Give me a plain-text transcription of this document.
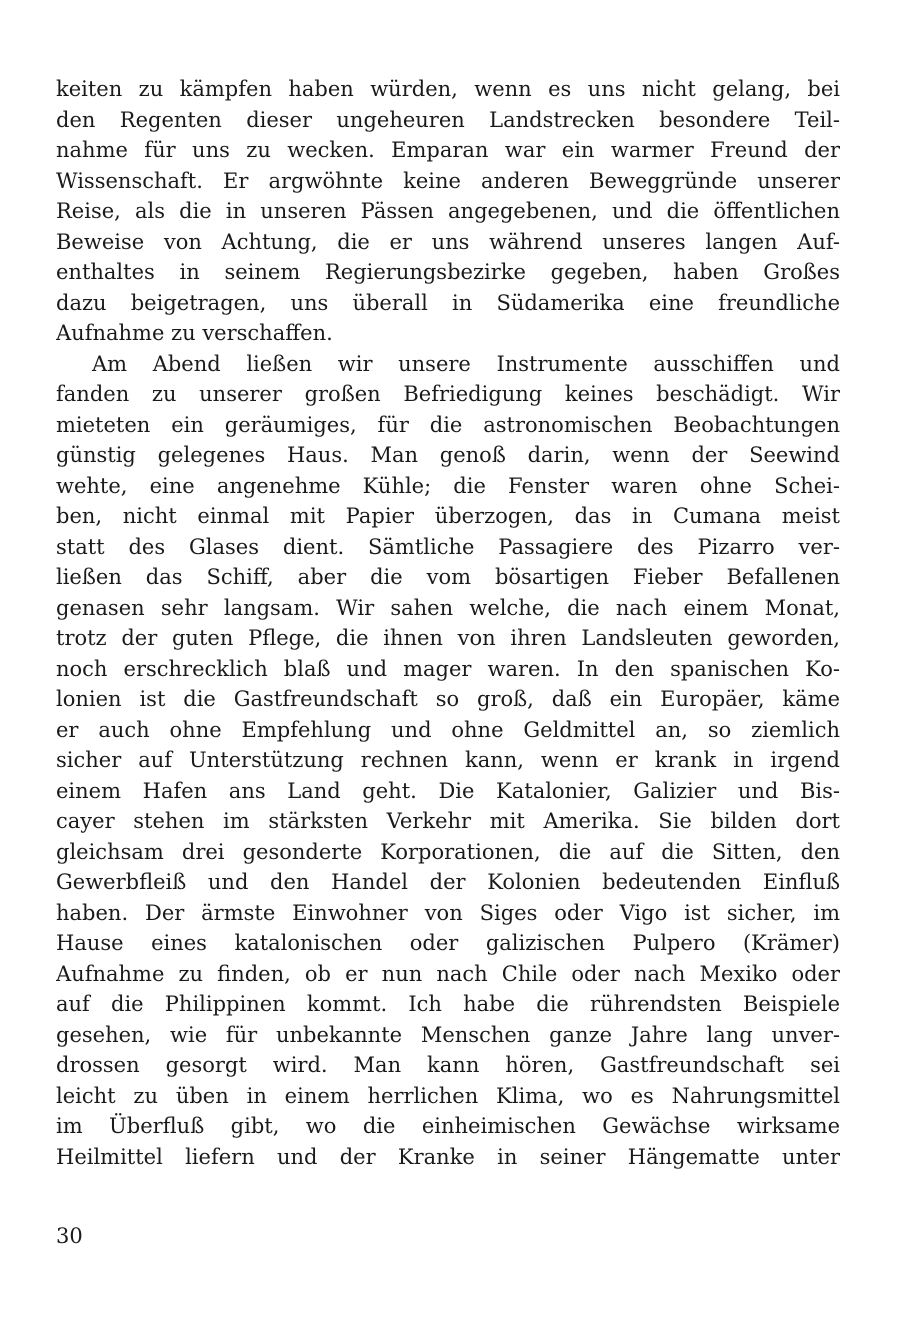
keiten zu kämpfen haben würden, wenn es uns nicht gelang, bei
den Regenten dieser ungeheuren Landstrecken besondere Teil-
nahme für uns zu wecken. Emparan war ein warmer Freund der
Wissenschaft. Er argwöhnte keine anderen Beweggründe unserer
Reise, als die in unseren Pässen angegebenen, und die öffentlichen
Beweise von Achtung, die er uns während unseres langen Auf-
enthaltes in seinem Regierungsbezirke gegeben, haben Großes
dazu beigetragen, uns überall in Südamerika eine freundliche
Aufnahme zu verschaffen.
Am Abend ließen wir unsere Instrumente ausschiffen und
fanden zu unserer großen Befriedigung keines beschädigt. Wir
mieteten ein geräumiges, für die astronomischen Beobachtungen
günstig gelegenes Haus. Man genoß darin, wenn der Seewind
wehte, eine angenehme Kühle; die Fenster waren ohne Schei-
ben, nicht einmal mit Papier überzogen, das in Cumana meist
statt des Glases dient. Sämtliche Passagiere des Pizarro ver-
ließen das Schiff, aber die vom bösartigen Fieber Befallenen
genasen sehr langsam. Wir sahen welche, die nach einem Monat,
trotz der guten Pflege, die ihnen von ihren Landsleuten geworden,
noch erschrecklich blaß und mager waren. In den spanischen Ko-
lonien ist die Gastfreundschaft so groß, daß ein Europäer, käme
er auch ohne Empfehlung und ohne Geldmittel an, so ziemlich
sicher auf Unterstützung rechnen kann, wenn er krank in irgend
einem Hafen ans Land geht. Die Katalonier, Galizier und Bis-
cayer stehen im stärksten Verkehr mit Amerika. Sie bilden dort
gleichsam drei gesonderte Korporationen, die auf die Sitten, den
Gewerbfleiß und den Handel der Kolonien bedeutenden Einfluß
haben. Der ärmste Einwohner von Siges oder Vigo ist sicher, im
Hause eines katalonischen oder galizischen Pulpero (Krämer)
Aufnahme zu finden, ob er nun nach Chile oder nach Mexiko oder
auf die Philippinen kommt. Ich habe die rührendsten Beispiele
gesehen, wie für unbekannte Menschen ganze Jahre lang unver-
drossen gesorgt wird. Man kann hören, Gastfreundschaft sei
leicht zu üben in einem herrlichen Klima, wo es Nahrungsmittel
im Überfluß gibt, wo die einheimischen Gewächse wirksame
Heilmittel liefern und der Kranke in seiner Hängematte unter
30
